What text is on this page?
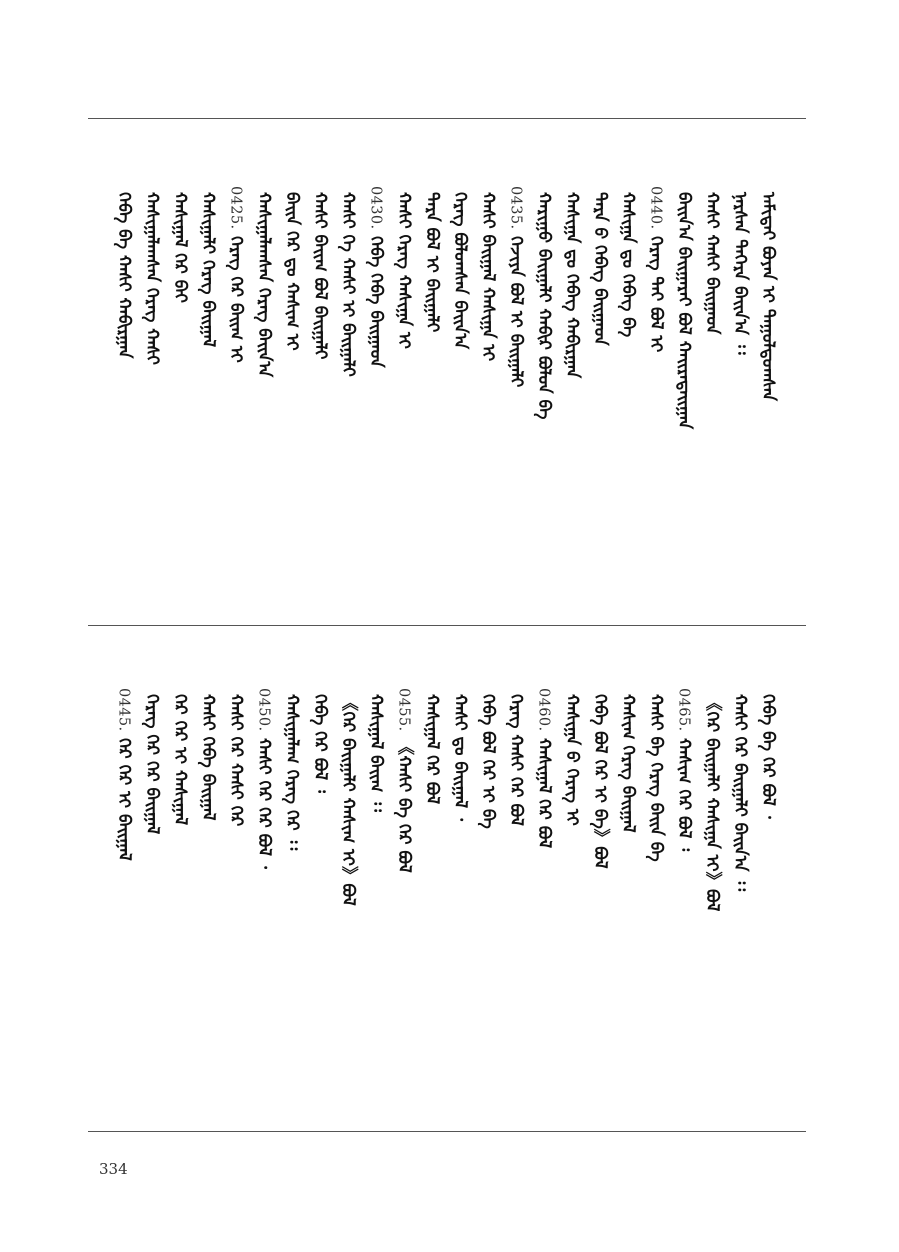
ᠠᠮᠢᠲᠠᠢ ᠪᠤᠶᠠᠨ ᠢ ᠲᠠᠭᠤᠯᠳᠤᠭᠰᠠᠨ
ᠨᠠᠷᠰᠠᠨ ᠳᠡᠭᠡᠷᠡ ᠪᠠᠢᠨ᠎ᠠ ᠄᠄
ᠬᠠᠰᠢ ᠬᠠᠰᠢ ᠪᠠᠢᠭᠠᠳ
ᠪᠠᠢᠨ᠎ᠠ ᠪᠠᠢᠭᠠᠷᠠᠢ ᠪᠤᠯ ᠬᠠᠢᠷᠠᠲᠠᠢᠭᠠᠨ
0440.
ᠬᠡᠷᠡᠭ ᠲᠠᠢ ᠪᠤᠯ ᠢ
ᠬᠠᠰᠢᠭᠠ ᠳᠤ ᠬᠡᠪᠡᠭ ᠪᠠ
ᠲᠡᠷᠡ ᠪ ᠬᠡᠪᠡᠭ ᠪᠠᠢᠭᠠᠳ
ᠬᠠᠰᠢᠭᠠ ᠳᠤ ᠬᠡᠪᠡᠭ ᠬᠠᠪᠢᠷᠭᠠᠨ
ᠬᠠᠷᠢᠭᠤ ᠪᠠᠢᠭᠠᠯᠢ ᠬᠠᠪᠢᠷ ᠪᠤᠯᠤᠨ ᠪᠠ
0435.
ᠬᠡᠵᠢᠶᠡ ᠪᠤᠯ ᠢ ᠪᠠᠢᠭᠠᠯᠢ
ᠬᠠᠰᠢ ᠪᠠᠢᠭᠠᠯ ᠬᠠᠰᠢᠭᠠ ᠢ
ᠬᠡᠷᠡᠭ ᠪᠤᠯᠤᠭᠰᠠᠨ ᠪᠠᠢᠨ᠎ᠠ
ᠲᠡᠷᠡ ᠪᠤᠯ ᠢ ᠪᠠᠢᠭᠠᠯᠢ
ᠬᠠᠰᠢ ᠬᠡᠷᠡᠭ ᠬᠠᠰᠢᠭᠠ ᠢ
0430.
ᠬᠡᠪᠡ ᠬᠡᠪᠡ ᠪᠠᠢᠭᠠᠳ
ᠬᠠᠰᠢ ᠬᠡ ᠬᠠᠰᠢ ᠢ ᠪᠠᠢᠭᠠᠯᠢ
ᠬᠠᠰᠢ ᠪᠠᠢᠭ ᠪᠤᠯ ᠪᠠᠢᠭᠠᠯᠢ
ᠪᠠᠢᠨ ᠬᠡᠷ ᠳᠤ ᠬᠠᠰᠢᠭ ᠢ
ᠬᠠᠰᠢᠭᠠᠯᠠᠭᠰᠠᠨ ᠬᠡᠷᠡᠭ ᠪᠠᠢᠨ᠎ᠠ
0425.
ᠬᠡᠷᠡᠭ ᠬᠡᠷ ᠪᠠᠢᠭ ᠢ
ᠬᠠᠰᠢᠭᠠᠯᠢ ᠬᠡᠷᠡᠭ ᠪᠠᠢᠭᠠᠯ
ᠬᠠᠰᠢᠭᠠᠯ ᠬᠡᠷ ᠪᠠᠢ
ᠬᠠᠰᠢᠭᠠᠯᠠᠭᠰᠠᠨ ᠬᠡᠷᠡᠭ ᠬᠠᠰᠢ
ᠬᠡᠪᠡ ᠪᠠ ᠬᠠᠰᠢ ᠬᠠᠪᠢᠷᠭᠠᠨ
ᠬᠡᠪᠡ ᠪᠠ ᠬᠡᠷ ᠪᠤᠯ ᠂
ᠬᠠᠰᠢ ᠬᠡᠷ ᠪᠠᠢᠭᠠᠯᠢ ᠪᠠᠢᠨ᠎ᠠ ᠄᠄
《ᠬᠡᠷ ᠪᠠᠢᠭᠠᠯᠢ ᠬᠠᠰᠢᠭᠠ ᠢ》ᠪᠤᠯ
0465.
ᠬᠠᠰᠢᠭ ᠬᠡᠷ ᠪᠤᠯ ᠄
ᠬᠠᠰᠢ ᠪᠠ ᠬᠡᠷᠡᠭ ᠪᠠᠢᠨ ᠪᠠ
ᠬᠠᠰᠢᠭ ᠬᠡᠷᠡᠭ ᠪᠠᠢᠭᠠᠯ
ᠬᠡᠪᠡ ᠪᠤᠯ ᠬᠡᠷ ᠢ ᠪᠠ》ᠪᠤᠯ
ᠬᠠᠰᠢᠭᠠ ᠪ ᠬᠡᠷᠡᠭ ᠢ
0460.
ᠬᠠᠰᠢᠭᠠᠯ ᠬᠡᠷ ᠪᠤᠯ
ᠬᠡᠷᠡᠭ ᠬᠠᠰᠢ ᠬᠡᠷ ᠪᠤᠯ
ᠬᠡᠪᠡ ᠪᠤᠯ ᠬᠡᠷ ᠢ ᠪᠠ
ᠬᠠᠰᠢ ᠳᠤ ᠪᠠᠢᠭᠠᠯ ᠂
ᠬᠠᠰᠢᠭᠠᠯ ᠬᠡᠷ ᠪᠤᠯ
0455.
《ᠬᠠᠰᠢ ᠪᠠ ᠬᠡᠷ ᠪᠤᠯ
ᠬᠠᠰᠢᠭᠠᠯ ᠪᠠᠢᠭ ᠄᠄
《ᠬᠡᠷ ᠪᠠᠢᠭᠠᠯᠢ ᠬᠠᠰᠢᠭ ᠢ》ᠪᠤᠯ
ᠬᠡᠪᠡ ᠬᠡᠷ ᠪᠤᠯ ᠄
ᠬᠠᠰᠢᠭᠠᠯᠠᠭ ᠬᠡᠷᠡᠭ ᠬᠡᠷ ᠄᠄
0450.
ᠬᠠᠰᠢ ᠬᠡᠷ ᠬᠡᠷ ᠪᠤᠯ ᠂
ᠬᠠᠰᠢ ᠬᠡᠷ ᠬᠠᠰᠢ ᠬᠡᠷ
ᠬᠠᠰᠢ ᠬᠡᠪᠡ ᠪᠠᠢᠭᠠᠯ
ᠬᠡᠷ ᠬᠡᠷ ᠢ ᠬᠠᠰᠢᠭᠠᠯ
ᠬᠡᠷᠡᠭ ᠬᠡᠷ ᠬᠡᠷ ᠪᠠᠢᠭᠠᠯ
0445.
ᠬᠡᠷ ᠬᠡᠷ ᠢ ᠪᠠᠢᠭᠠᠯ
334
